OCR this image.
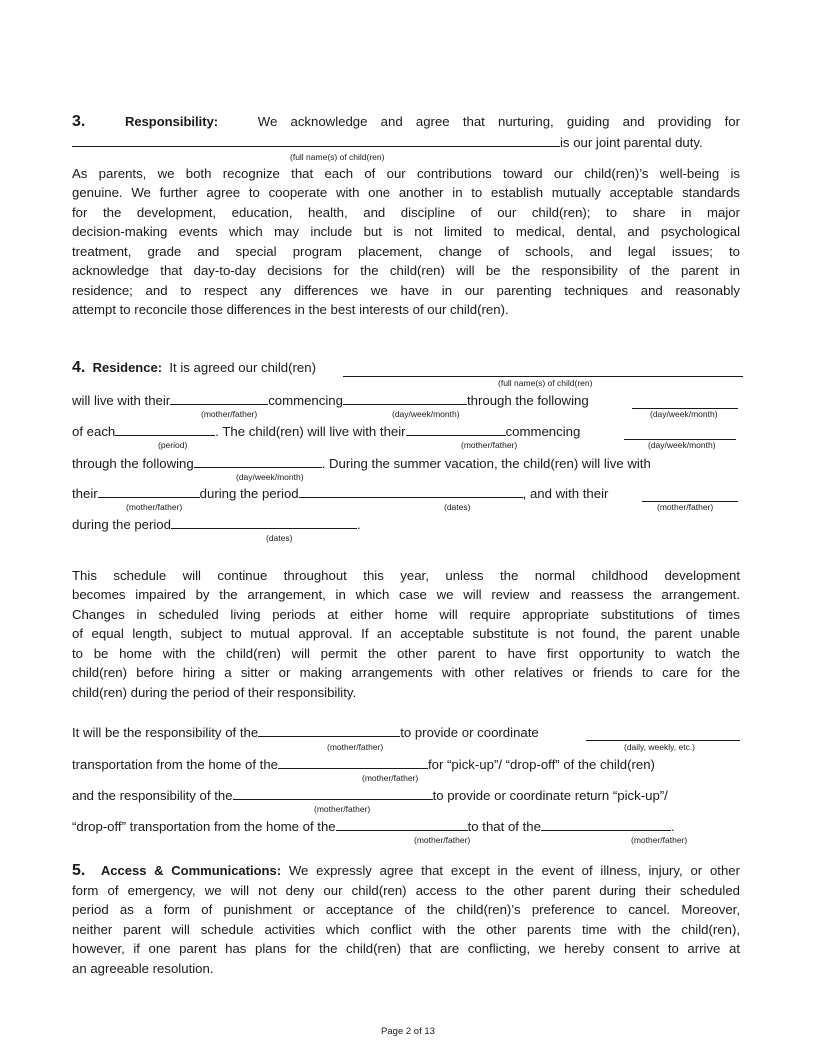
3.	Responsibility:	We acknowledge and agree that nurturing, guiding and providing for
is our joint parental duty.
(full name(s) of child(ren)
As parents, we both recognize that each of our contributions toward our child(ren)’s well-being is
genuine. We further agree to cooperate with one another in to establish mutually acceptable standards
for the development, education, health, and discipline of our child(ren); to share in major
decision-making events which may include but is not limited to medical, dental, and psychological
treatment, grade and special program placement, change of schools, and legal issues; to
acknowledge that day-to-day decisions for the child(ren) will be the responsibility of the parent in
residence; and to respect any differences we have in our parenting techniques and reasonably
attempt to reconcile those differences in the best interests of our child(ren).
4. Residence: It is agreed our child(ren)
(full name(s) of child(ren)
will live with their	commencing	through the following
(mother/father)	(day/week/month)	(day/week/month)
of each	. The child(ren) will live with their	commencing
(period)	(mother/father)	(day/week/month)
through the following	. During the summer vacation, the child(ren) will live with
(day/week/month)
their	during the period	, and with their
(mother/father)	(dates)	(mother/father)
during the period	.
(dates)
This schedule will continue throughout this year, unless the normal childhood development
becomes impaired by the arrangement, in which case we will review and reassess the arrangement.
Changes in scheduled living periods at either home will require appropriate substitutions of times
of equal length, subject to mutual approval. If an acceptable substitute is not found, the parent unable
to be home with the child(ren) will permit the other parent to have first opportunity to watch the
child(ren) before hiring a sitter or making arrangements with other relatives or friends to care for the
child(ren) during the period of their responsibility.
It will be the responsibility of the	to provide or coordinate
(mother/father)	(daily, weekly, etc.)
transportation from the home of the	for “pick-up”/ “drop-off” of the child(ren)
(mother/father)
and the responsibility of the	to provide or coordinate return “pick-up”/
(mother/father)
“drop-off” transportation from the home of the	to that of the	.
(mother/father)	(mother/father)
5. Access & Communications: We expressly agree that except in the event of illness, injury, or other
form of emergency, we will not deny our child(ren) access to the other parent during their scheduled
period as a form of punishment or acceptance of the child(ren)’s preference to cancel. Moreover,
neither parent will schedule activities which conflict with the other parents time with the child(ren),
however, if one parent has plans for the child(ren) that are conflicting, we hereby consent to arrive at
an agreeable resolution.
Page 2 of 13
